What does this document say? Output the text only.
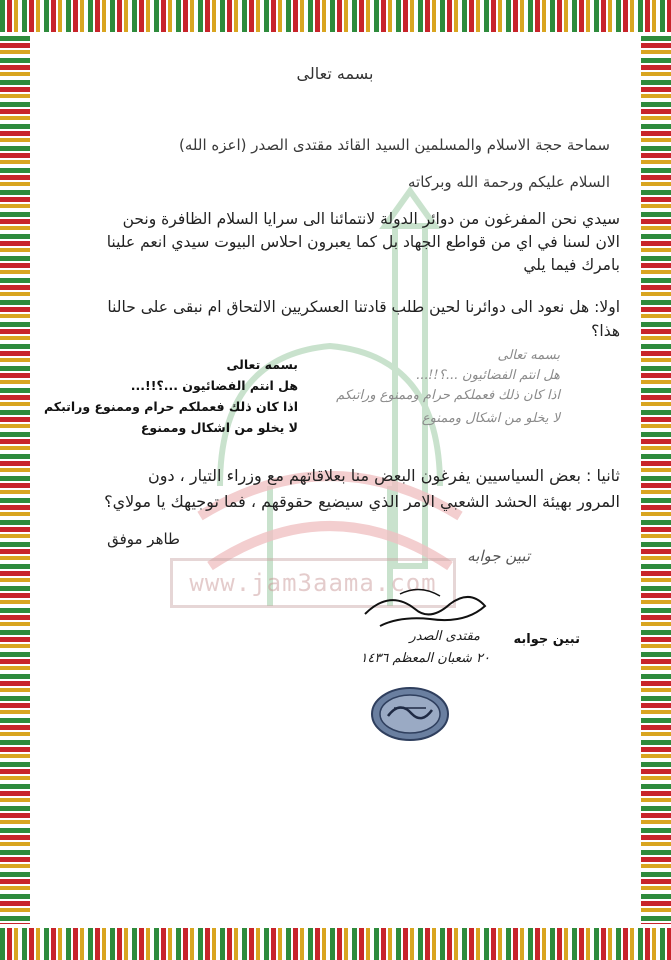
www.jam3aama.com
بسمه تعالى
سماحة حجة الاسلام والمسلمين السيد القائد مقتدى الصدر (اعزه الله)
السلام عليكم ورحمة الله وبركاته
سيدي نحن المفرغون من دوائر الدولة لانتمائنا الى سرايا السلام الظافرة ونحن
الان لسنا في اي من قواطع الجهاد بل كما يعبرون احلاس البيوت سيدي انعم علينا
بامرك فيما يلي
اولا: هل نعود الى دوائرنا لحين طلب قادتنا العسكريين الالتحاق ام نبقى على حالنا
هذا؟
بسمه تعالى
هل انتم الفضائيون ...؟!!...
اذا كان ذلك فعملكم حرام وممنوع وراتبكم
لا يخلو من اشكال وممنوع
بسمه تعالى
هل انتم الفضائيون ...؟!!...
اذا كان ذلك فعملكم حرام وممنوع وراتبكم
لا يخلو من اشكال وممنوع
ثانيا : بعض السياسيين يفرغون البعض منا بعلاقاتهم مع وزراء التيار ، دون
المرور بهيئة الحشد الشعبي الامر الذي سيضيع حقوقهم ، فما توجيهك يا مولاي؟
طاهر موفق
تبين جوابه
مقتدى الصدر
٢٠ شعبان المعظم ١٤٣٦
تبين جوابه
